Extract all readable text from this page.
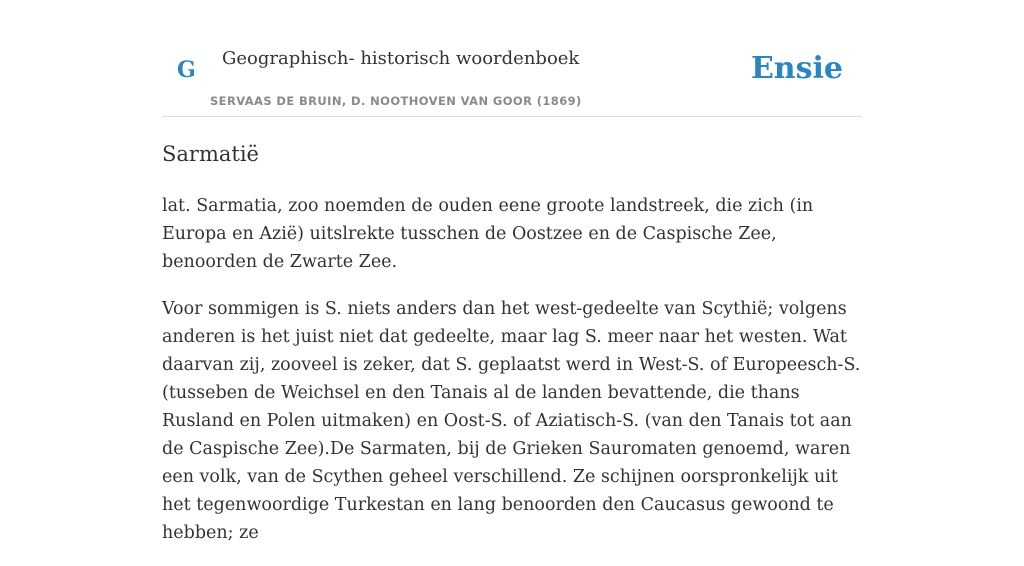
G Geographisch- historisch woordenboek
SERVAAS DE BRUIN, D. NOOTHOVEN VAN GOOR (1869)
Ensie
Sarmatië

lat. Sarmatia, zoo noemden de ouden eene groote landstreek, die zich (in Europa en Azië) uitslrekte tusschen de Oostzee en de Caspische Zee, benoorden de Zwarte Zee.

Voor sommigen is S. niets anders dan het west-gedeelte van Scythië; volgens anderen is het juist niet dat gedeelte, maar lag S. meer naar het westen. Wat daarvan zij, zooveel is zeker, dat S. geplaatst werd in West-S. of Europeesch-S. (tusseben de Weichsel en den Tanais al de landen bevattende, die thans Rusland en Polen uitmaken) en Oost-S. of Aziatisch-S. (van den Tanais tot aan de Caspische Zee).De Sarmaten, bij de Grieken Sauromaten genoemd, waren een volk, van de Scythen geheel verschillend. Ze schijnen oorspronkelijk uit het tegenwoordige Turkestan en lang benoorden den Caucasus gewoond te hebben; ze
